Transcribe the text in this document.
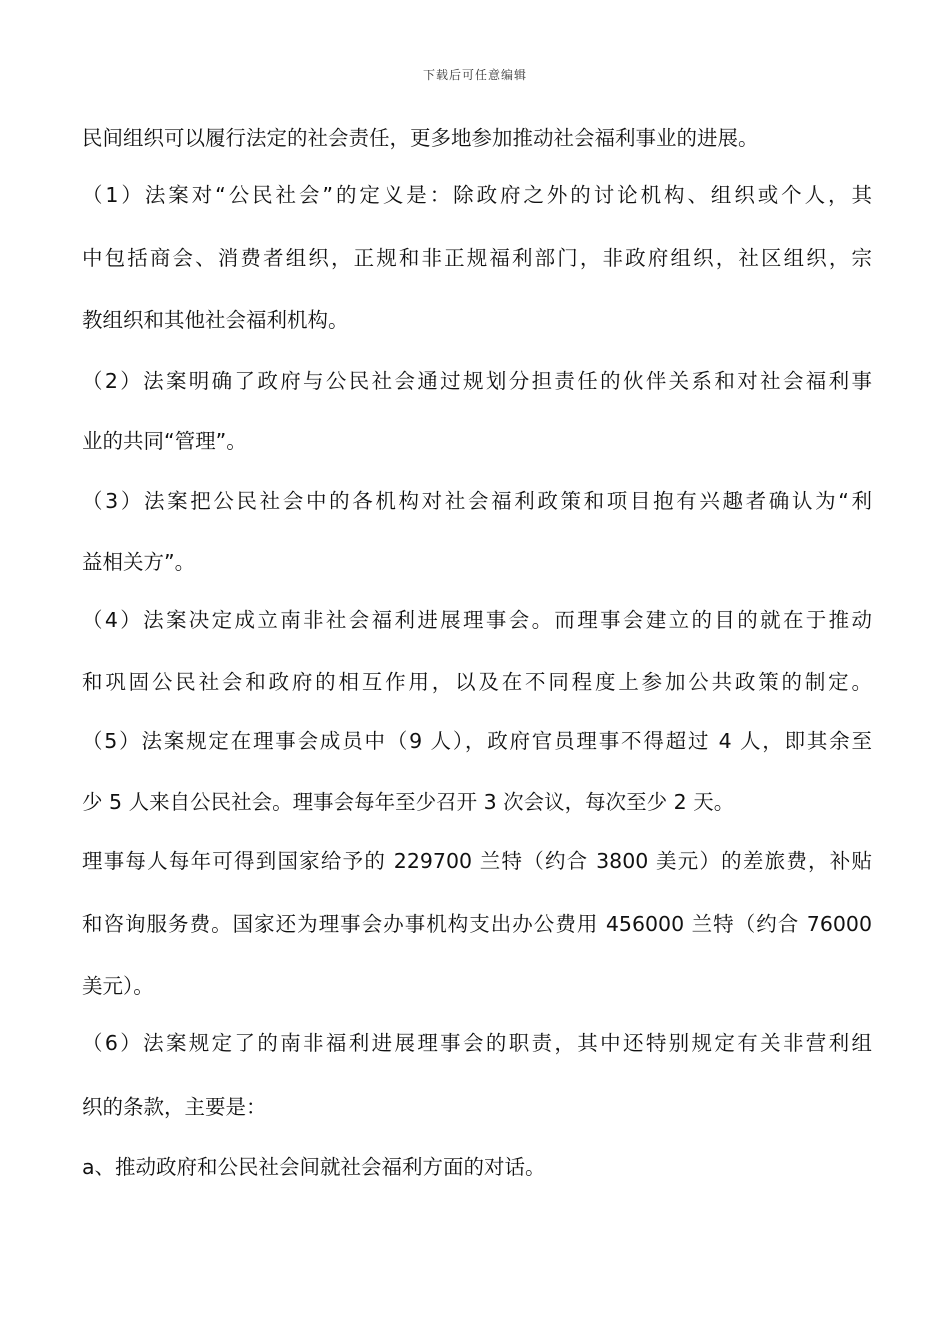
下载后可任意编辑
民间组织可以履行法定的社会责任，更多地参加推动社会福利事业的进展。
（1）法案对“公民社会”的定义是：除政府之外的讨论机构、组织或个人，其
中包括商会、消费者组织，正规和非正规福利部门，非政府组织，社区组织，宗
教组织和其他社会福利机构。
（2）法案明确了政府与公民社会通过规划分担责任的伙伴关系和对社会福利事
业的共同“管理”。
（3）法案把公民社会中的各机构对社会福利政策和项目抱有兴趣者确认为“利
益相关方”。
（4）法案决定成立南非社会福利进展理事会。而理事会建立的目的就在于推动
和巩固公民社会和政府的相互作用，以及在不同程度上参加公共政策的制定。
（5）法案规定在理事会成员中（9 人），政府官员理事不得超过 4 人，即其余至
少 5 人来自公民社会。理事会每年至少召开 3 次会议，每次至少 2 天。
理事每人每年可得到国家给予的 229700 兰特（约合 3800 美元）的差旅费，补贴
和咨询服务费。国家还为理事会办事机构支出办公费用 456000 兰特（约合 76000
美元）。
（6）法案规定了的南非福利进展理事会的职责，其中还特别规定有关非营利组
织的条款，主要是：
a、推动政府和公民社会间就社会福利方面的对话。
